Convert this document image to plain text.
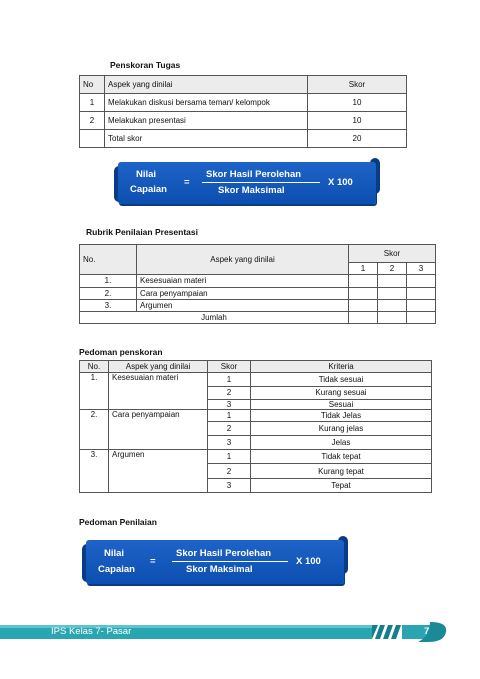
Penskoran Tugas
No	Aspek yang dinilai	Skor
1	Melakukan diskusi bersama teman/ kelompok	10
2	Melakukan presentasi	10
	Total skor	20
Nilai
Capaian
=
Skor Hasil Perolehan
Skor Maksimal
X 100
Rubrik Penilaian Presentasi
No.	Aspek yang dinilai	Skor		
		1	2	3
1.	Kesesuaian materi			
2.	Cara penyampaian			
3.	Argumen			
Jumlah				
Pedoman penskoran
No.	Aspek yang dinilai	Skor	Kriteria
1.	Kesesuaian materi	1	Tidak sesuai
		2	Kurang sesuai
		3	Sesuai
2.	Cara penyampaian	1	Tidak Jelas
		2	Kurang jelas
		3	Jelas
3.	Argumen	1	Tidak tepat
		2	Kurang tepat
		3	Tepat
Pedoman Penilaian
Nilai
Capaian
=
Skor Hasil Perolehan
Skor Maksimal
X 100
IPS Kelas 7- Pasar	7
